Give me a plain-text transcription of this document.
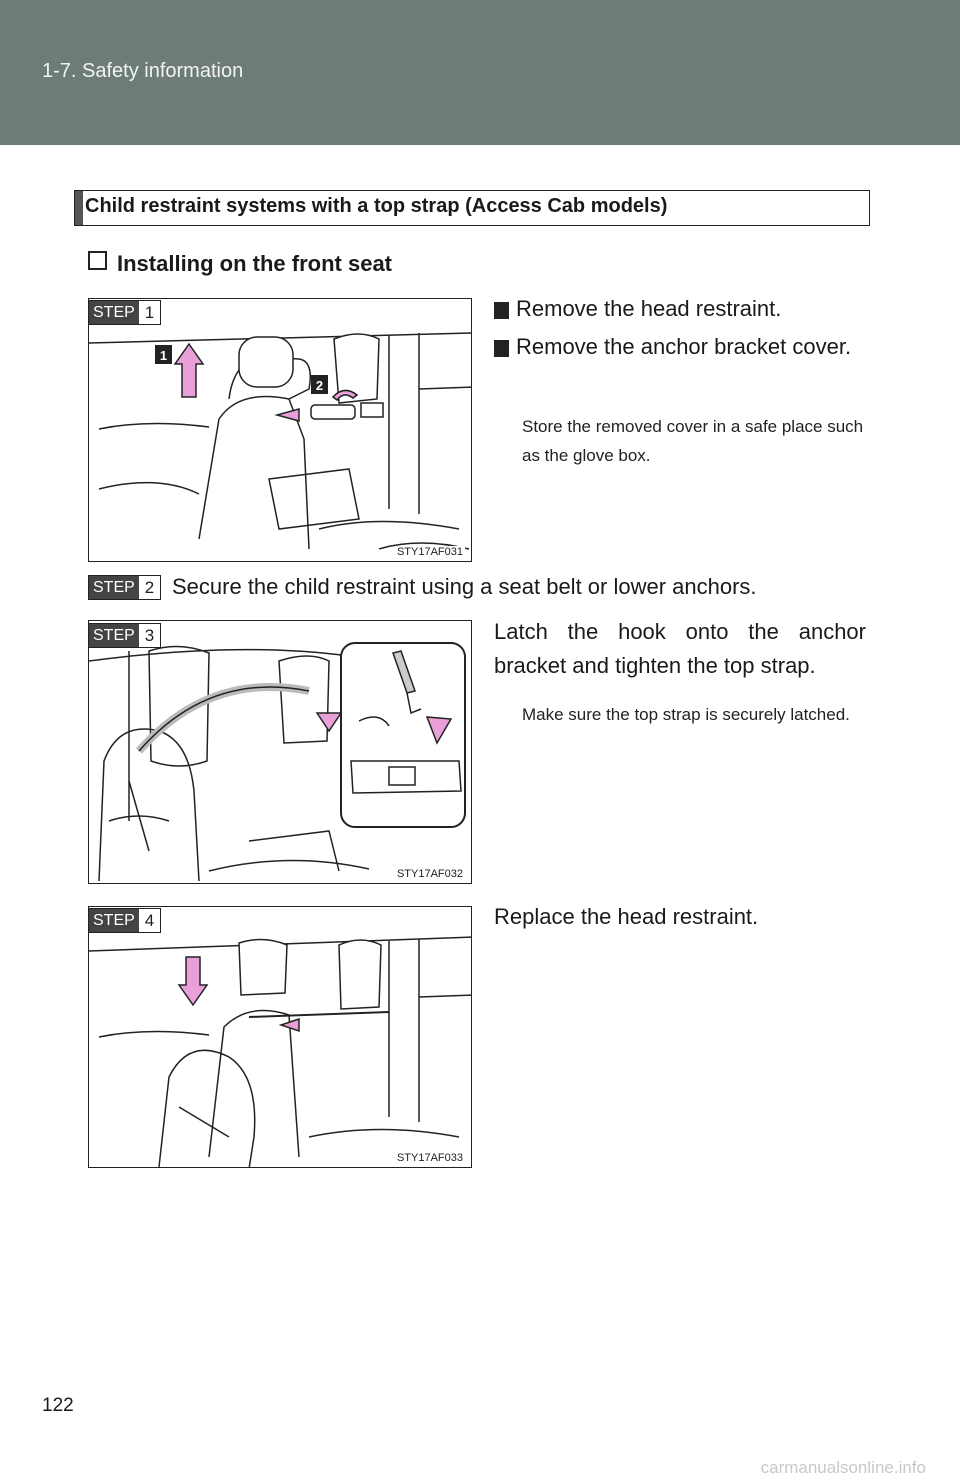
1-7. Safety information
Child restraint systems with a top strap (Access Cab models)
Installing on the front seat
1
2
STY17AF031
STEP 1	1 Remove the head restraint.
2 Remove the anchor bracket cover.
Store the removed cover in a safe place such as the glove box.
STEP 2 Secure the child restraint using a seat belt or lower anchors.
STY17AF032
STEP 3	Latch the hook onto the anchor bracket and tighten the top strap.
Make sure the top strap is securely latched.
STY17AF033
STEP 4	Replace the head restraint.
122
carmanualsonline.info
